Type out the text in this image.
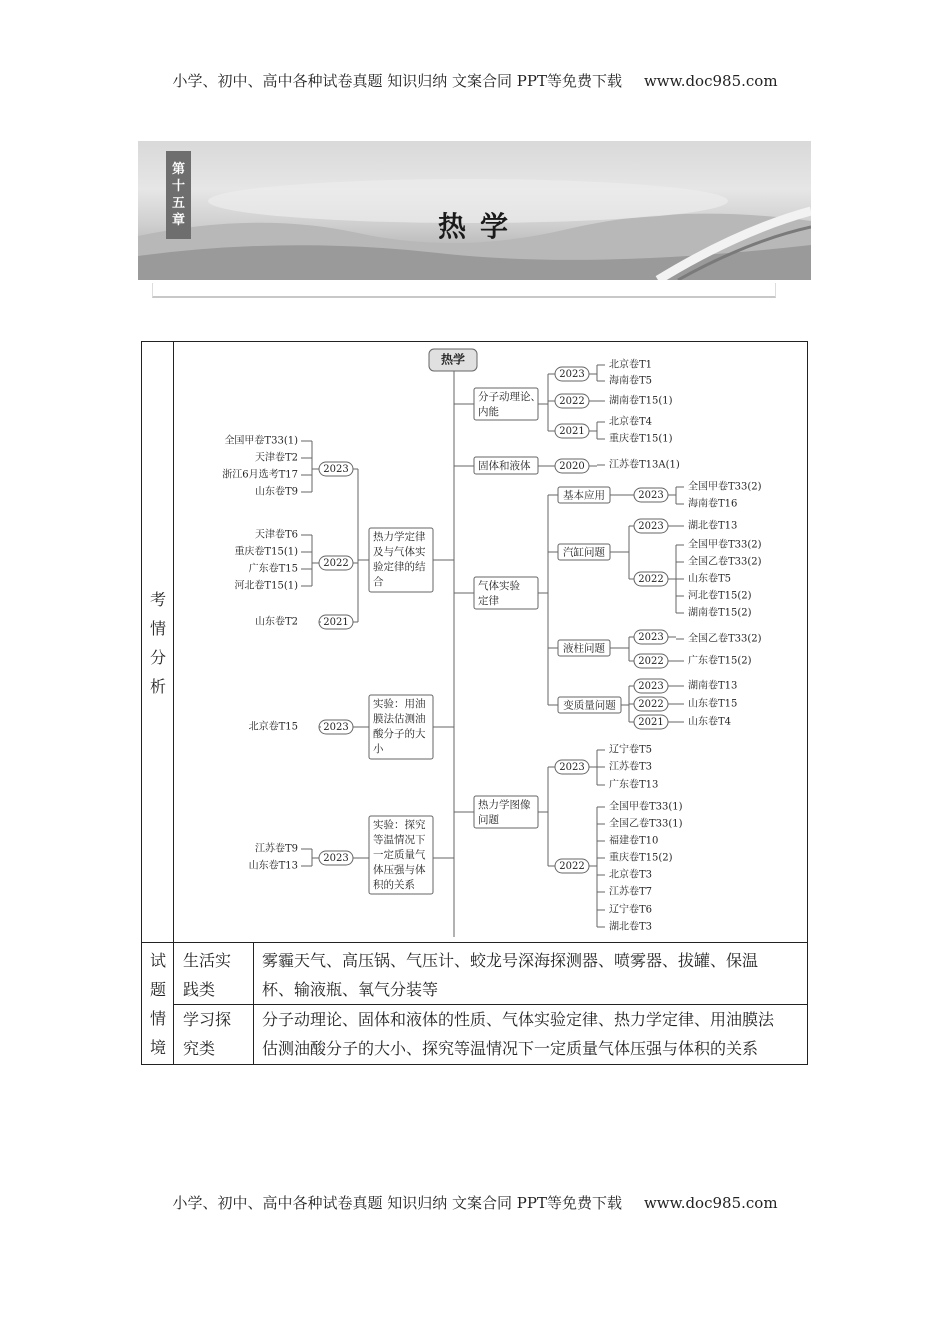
小学、初中、高中各种试卷真题 知识归纳 文案合同 PPT等免费下载 www.doc985.com
第
十
五
章	热学
考
情
分
析
试
题
情
境
生活实
践类
雾霾天气、高压锅、气压计、蛟龙号深海探测器、喷雾器、拔罐、保温
杯、输液瓶、氧气分装等
学习探
究类
分子动理论、固体和液体的性质、气体实验定律、热力学定律、用油膜法
估测油酸分子的大小、探究等温情况下一定质量气体压强与体积的关系
热学
分子动理论、
内能
固体和液体
气体实验
定律
热力学图像
问题
2023
北京卷T1
海南卷T5
2022 湖南卷T15(1)
2021
北京卷T4
重庆卷T15(1)
2020 江苏卷T13A(1)
基本应用	2023
全国甲卷T33(2)
海南卷T16
汽缸问题
2023 湖北卷T13
2022
全国甲卷T33(2)
全国乙卷T33(2)
山东卷T5
河北卷T15(2)
湖南卷T15(2)
液柱问题
2023 全国乙卷T33(2)
2022 广东卷T15(2)
变质量问题
2023 湖南卷T13
2022 山东卷T15
2021 山东卷T4
2023
辽宁卷T5
江苏卷T3
广东卷T13
2022
全国甲卷T33(1)
全国乙卷T33(1)
福建卷T10
重庆卷T15(2)
北京卷T3
江苏卷T7
辽宁卷T6
湖北卷T3
热力学定律
及与气体实
验定律的结
合
2023
全国甲卷T33(1)
天津卷T2
浙江6月选考T17
山东卷T9
2022
天津卷T6
重庆卷T15(1)
广东卷T15
河北卷T15(1)
2021
山东卷T2
实验：用油
膜法估测油
酸分子的大
小
2023
北京卷T15
实验：探究
等温情况下
一定质量气
体压强与体
积的关系
2023
江苏卷T9
山东卷T13
小学、初中、高中各种试卷真题 知识归纳 文案合同 PPT等免费下载 www.doc985.com
